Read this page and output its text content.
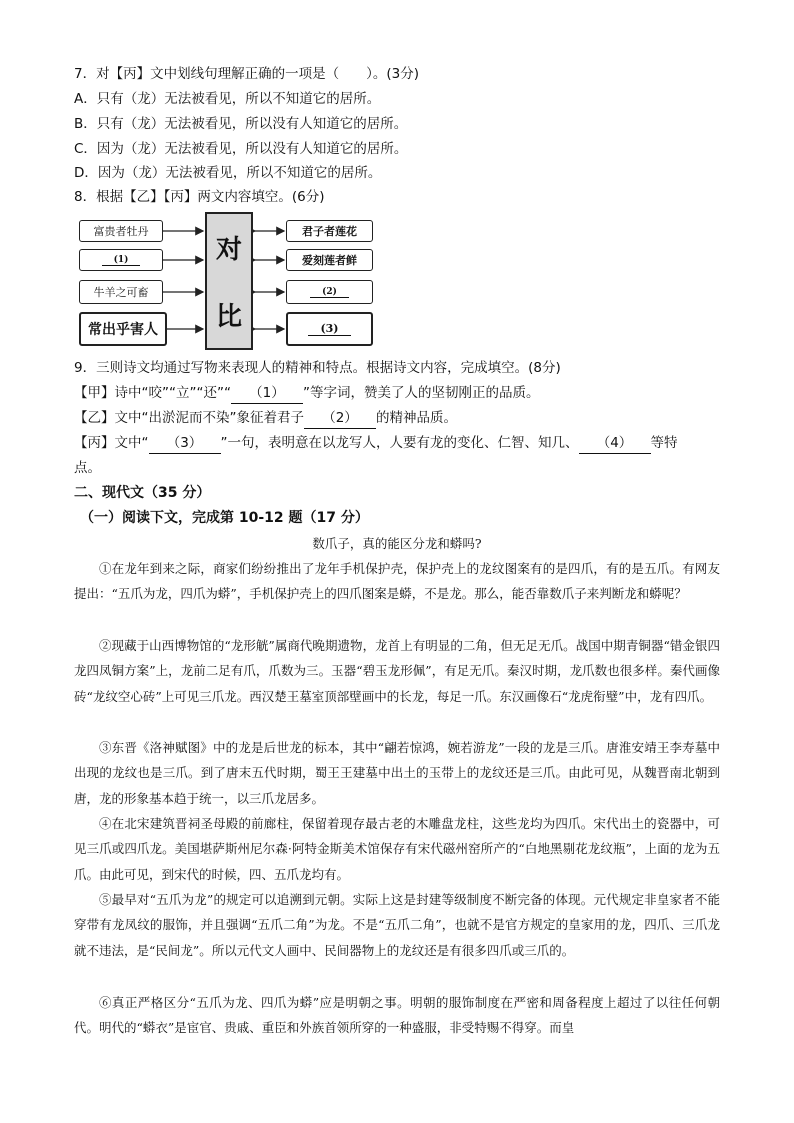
7．对【丙】文中划线句理解正确的一项是（　　）。(3分)
A．只有（龙）无法被看见，所以不知道它的居所。
B．只有（龙）无法被看见，所以没有人知道它的居所。
C．因为（龙）无法被看见，所以没有人知道它的居所。
D．因为（龙）无法被看见，所以不知道它的居所。
8．根据【乙】【丙】两文内容填空。(6分)
富贵者牡丹
(1)
牛羊之可畜
常出乎害人
对
比
君子者莲花
爱刻莲者鲜
(2)
(3)
9．三则诗文均通过写物来表现人的精神和特点。根据诗文内容，完成填空。(8分)
【甲】诗中“咬”“立”“还”“ （1） ”等字词，赞美了人的坚韧刚正的品质。
【乙】文中“出淤泥而不染”象征着君子 （2） 的精神品质。
【丙】文中“ （3） ”一句，表明意在以龙写人，人要有龙的变化、仁智、知几、 （4） 等特
点。
二、现代文（35 分）
（一）阅读下文，完成第 10-12 题（17 分）
数爪子，真的能区分龙和蟒吗?
①在龙年到来之际，商家们纷纷推出了龙年手机保护壳，保护壳上的龙纹图案有的是四爪，有的是五爪。有网友提出：“五爪为龙，四爪为蟒”，手机保护壳上的四爪图案是蟒，不是龙。那么，能否靠数爪子来判断龙和蟒呢？
②现藏于山西博物馆的“龙形觥”属商代晚期遗物，龙首上有明显的二角，但无足无爪。战国中期青铜器“错金银四龙四凤铜方案”上，龙前二足有爪，爪数为三。玉器“碧玉龙形佩”，有足无爪。秦汉时期，龙爪数也很多样。秦代画像砖“龙纹空心砖”上可见三爪龙。西汉楚王墓室顶部壁画中的长龙，每足一爪。东汉画像石“龙虎衔璧”中，龙有四爪。
③东晋《洛神赋图》中的龙是后世龙的标本，其中“翩若惊鸿，婉若游龙”一段的龙是三爪。唐淮安靖王李寿墓中出现的龙纹也是三爪。到了唐末五代时期，蜀王王建墓中出土的玉带上的龙纹还是三爪。由此可见，从魏晋南北朝到唐，龙的形象基本趋于统一，以三爪龙居多。
④在北宋建筑晋祠圣母殿的前廊柱，保留着现存最古老的木雕盘龙柱，这些龙均为四爪。宋代出土的瓷器中，可见三爪或四爪龙。美国堪萨斯州尼尔森·阿特金斯美术馆保存有宋代磁州窑所产的“白地黑剔花龙纹瓶”，上面的龙为五爪。由此可见，到宋代的时候，四、五爪龙均有。
⑤最早对“五爪为龙”的规定可以追溯到元朝。实际上这是封建等级制度不断完备的体现。元代规定非皇家者不能穿带有龙凤纹的服饰，并且强调“五爪二角”为龙。不是“五爪二角”，也就不是官方规定的皇家用的龙，四爪、三爪龙就不违法，是“民间龙”。所以元代文人画中、民间器物上的龙纹还是有很多四爪或三爪的。
⑥真正严格区分“五爪为龙、四爪为蟒”应是明朝之事。明朝的服饰制度在严密和周备程度上超过了以往任何朝代。明代的“蟒衣”是宦官、贵戚、重臣和外族首领所穿的一种盛服，非受特赐不得穿。而皇
